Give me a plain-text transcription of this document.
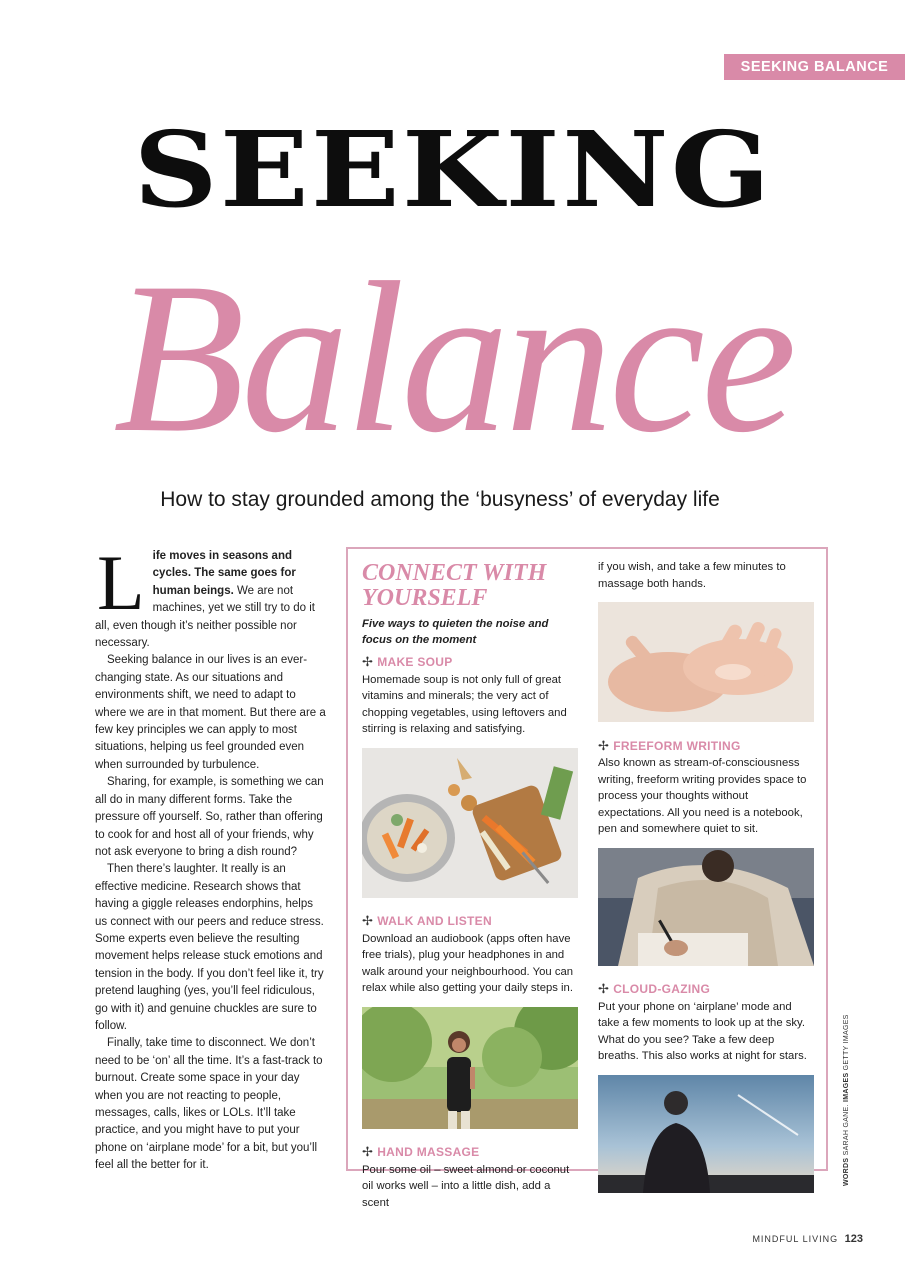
SEEKING BALANCE
SEEKING
Balance
How to stay grounded among the ‘busyness’ of everyday life

Life moves in seasons and cycles. The same goes for human beings. We are not machines, yet we still try to do it all, even though it’s neither possible nor necessary.

Seeking balance in our lives is an ever-changing state. As our situations and environments shift, we need to adapt to where we are in that moment. But there are a few key principles we can apply to most situations, helping us feel grounded even when surrounded by turbulence.

Sharing, for example, is something we can all do in many different forms. Take the pressure off yourself. So, rather than offering to cook for and host all of your friends, why not ask everyone to bring a dish round?

Then there’s laughter. It really is an effective medicine. Research shows that having a giggle releases endorphins, helps us connect with our peers and reduce stress. Some experts even believe the resulting movement helps release stuck emotions and tension in the body. If you don’t feel like it, try pretend laughing (yes, you’ll feel ridiculous, go with it) and genuine chuckles are sure to follow.

Finally, take time to disconnect. We don’t need to be ‘on’ all the time. It’s a fast-track to burnout. Create some space in your day when you are not reacting to people, messages, calls, likes or LOLs. It’ll take practice, and you might have to put your phone on ‘airplane mode’ for a bit, but you’ll feel all the better for it.

CONNECT WITH
YOURSELF
Five ways to quieten the noise and focus on the moment
✢ MAKE SOUP
Homemade soup is not only full of great vitamins and minerals; the very act of chopping vegetables, using leftovers and stirring is relaxing and satisfying.
✢ WALK AND LISTEN
Download an audiobook (apps often have free trials), plug your headphones in and walk around your neighbourhood. You can relax while also getting your daily steps in.
✢ HAND MASSAGE
Pour some oil – sweet almond or coconut oil works well – into a little dish, add a scent
if you wish, and take a few minutes to massage both hands.
✢ FREEFORM WRITING
Also known as stream-of-consciousness writing, freeform writing provides space to process your thoughts without expectations. All you need is a notebook, pen and somewhere quiet to sit.
✢ CLOUD-GAZING
Put your phone on ‘airplane’ mode and take a few moments to look up at the sky. What do you see? Take a few deep breaths. This also works at night for stars.
WORDS SARAH GANE. IMAGES GETTY IMAGES
MINDFUL LIVING 123
